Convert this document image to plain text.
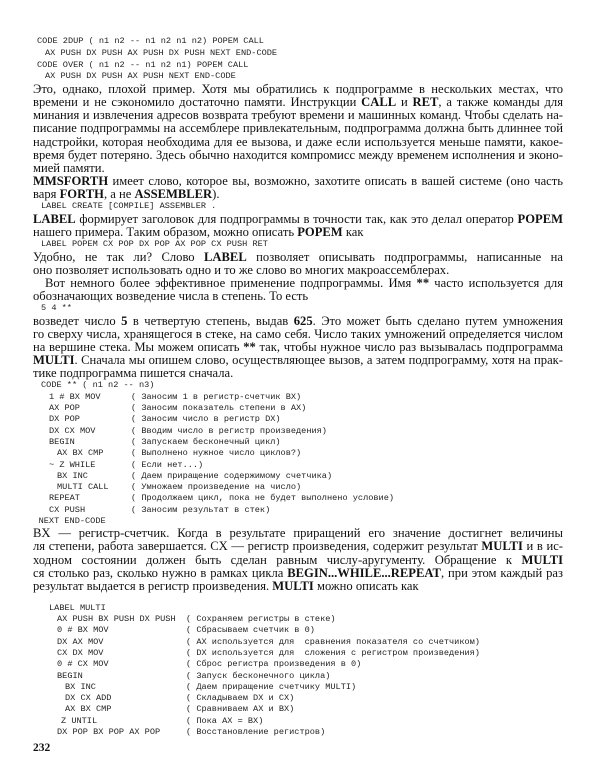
CODE 2DUP ( n1 n2 -- n1 n2 n1 n2) POPEM CALL
AX PUSH DX PUSH AX PUSH DX PUSH NEXT END-CODE
CODE OVER ( n1 n2 -- n1 n2 n1) POPEM CALL
AX PUSH DX PUSH AX PUSH NEXT END-CODE
Это, однако, плохой пример. Хотя мы обратились к подпрограмме в нескольких местах, что
времени и не сэкономило достаточно памяти. Инструкции CALL и RET, а также команды для
минания и извлечения адресов возврата требуют времени и машинных команд. Чтобы сделать на-
писание подпрограммы на ассемблере привлекательным, подпрограмма должна быть длиннее той
надстройки, которая необходима для ее вызова, и даже если используется меньше памяти, какое-
время будет потеряно. Здесь обычно находится компромисс между временем исполнения и эконо-
мией памяти.
MMSFORTH имеет слово, которое вы, возможно, захотите описать в вашей системе (оно часть
варя FORTH, а не ASSEMBLER).
LABEL CREATE [COMPILE] ASSEMBLER .
LABEL формирует заголовок для подпрограммы в точности так, как это делал оператор POPEM
нашего примера. Таким образом, можно описать POPEM как
LABEL POPEM CX POP DX POP AX POP CX PUSH RET
Удобно, не так ли? Слово LABEL позволяет описывать подпрограммы, написанные на
оно позволяет использовать одно и то же слово во многих макроассемблерах.
Вот немного более эффективное применение подпрограммы. Имя ** часто используется для
обозначающих возведение числа в степень. То есть
5 4 **
возведет число 5 в четвертую степень, выдав 625. Это может быть сделано путем умножения
го сверху числа, хранящегося в стеке, на само себя. Число таких умножений определяется числом
на вершине стека. Мы можем описать ** так, чтобы нужное число раз вызывалась подпрограмма
MULTI. Сначала мы опишем слово, осуществляющее вызов, а затем подпрограмму, хотя на прак-
тике подпрограмма пишется сначала.
CODE ** ( n1 n2 -- n3)
1 # BX MOV	( Заносим 1 в регистр-счетчик BX)
AX POP	( Заносим показатель степени в AX)
DX POP	( Заносим число в регистр DX)
DX CX MOV	( Вводим число в регистр произведения)
BEGIN	( Запускаем бесконечный цикл)
AX BX CMP	( Выполнено нужное число циклов?)
~ Z WHILE	( Если нет...)
BX INC	( Даем приращение содержимому счетчика)
MULTI CALL	( Умножаем произведение на число)
REPEAT	( Продолжаем цикл, пока не будет выполнено условие)
CX PUSH	( Заносим результат в стек)
NEXT END-CODE
BX — регистр-счетчик. Когда в результате приращений его значение достигнет величины
ля степени, работа завершается. CX — регистр произведения, содержит результат MULTI и в ис-
ходном состоянии должен быть сделан равным числу-аругументу. Обращение к MULTI
ся столько раз, сколько нужно в рамках цикла BEGIN...WHILE...REPEAT, при этом каждый раз
результат выдается в регистр произведения. MULTI можно описать как
LABEL MULTI
AX PUSH BX PUSH DX PUSH ( Сохраняем регистры в стеке)
0 # BX MOV	( Сбрасываем счетчик в 0)
DX AX MOV	( AX используется для  сравнения показателя со счетчиком)
CX DX MOV	( DX используется для  сложения с регистром произведения)
0 # CX MOV	( Сброс регистра произведения в 0)
BEGIN	( Запуск бесконечного цикла)
BX INC	( Даем приращение счетчику MULTI)
DX CX ADD	( Складываем DX и CX)
AX BX CMP	( Сравниваем AX и BX)
Z UNTIL	( Пока AX = BX)
DX POP BX POP AX POP	( Восстановление регистров)
232
